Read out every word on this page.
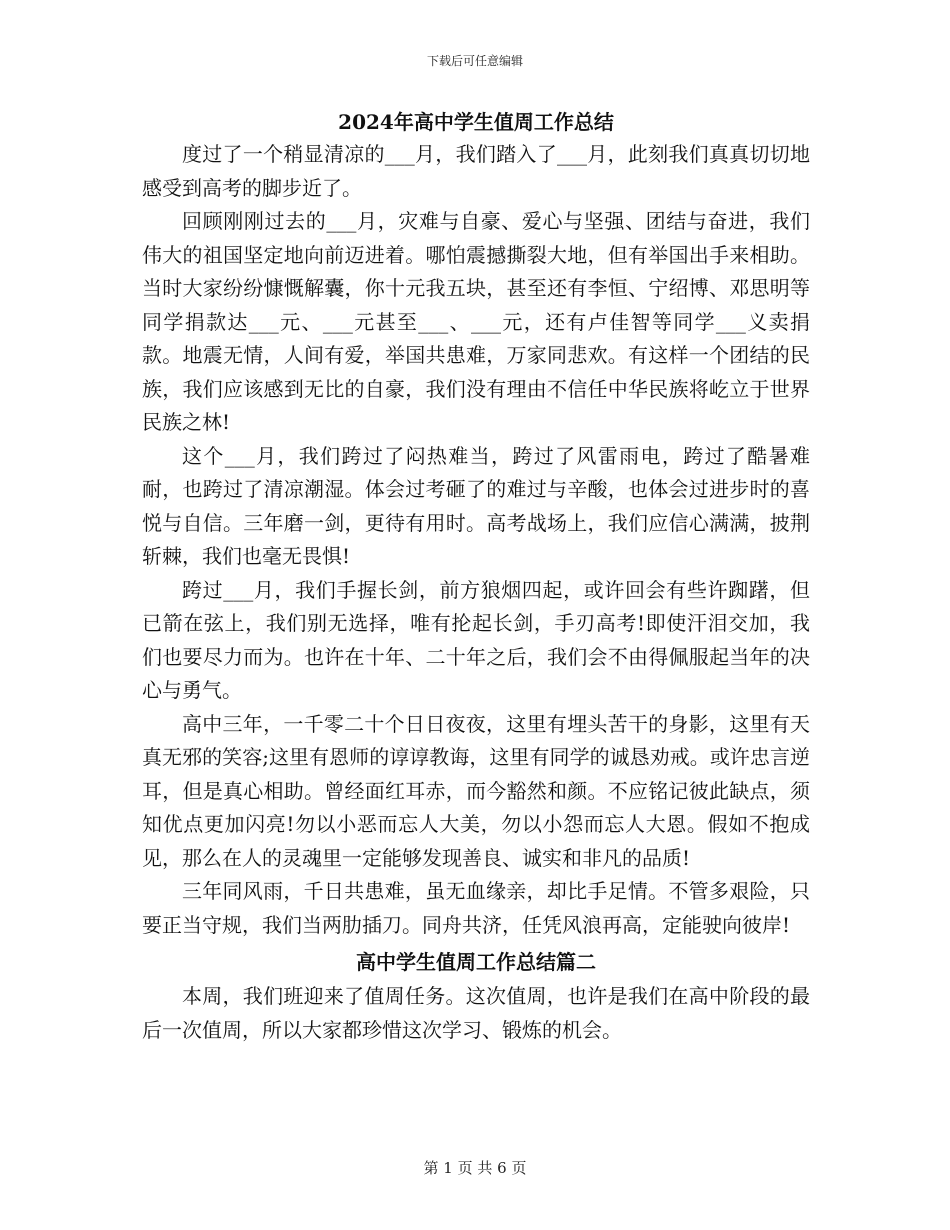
下载后可任意编辑
2024年高中学生值周工作总结

度过了一个稍显清凉的___月，我们踏入了___月，此刻我们真真切切地感受到高考的脚步近了。

回顾刚刚过去的___月，灾难与自豪、爱心与坚强、团结与奋进，我们伟大的祖国坚定地向前迈进着。哪怕震撼撕裂大地，但有举国出手来相助。当时大家纷纷慷慨解囊，你十元我五块，甚至还有李恒、宁绍博、邓思明等同学捐款达___元、___元甚至___、___元，还有卢佳智等同学___义卖捐款。地震无情，人间有爱，举国共患难，万家同悲欢。有这样一个团结的民族，我们应该感到无比的自豪，我们没有理由不信任中华民族将屹立于世界民族之林!

这个___月，我们跨过了闷热难当，跨过了风雷雨电，跨过了酷暑难耐，也跨过了清凉潮湿。体会过考砸了的难过与辛酸，也体会过进步时的喜悦与自信。三年磨一剑，更待有用时。高考战场上，我们应信心满满，披荆斩棘，我们也毫无畏惧!

跨过___月，我们手握长剑，前方狼烟四起，或许回会有些许踟躇，但已箭在弦上，我们别无选择，唯有抡起长剑，手刃高考!即使汗泪交加，我们也要尽力而为。也许在十年、二十年之后，我们会不由得佩服起当年的决心与勇气。

高中三年，一千零二十个日日夜夜，这里有埋头苦干的身影，这里有天真无邪的笑容;这里有恩师的谆谆教诲，这里有同学的诚恳劝戒。或许忠言逆耳，但是真心相助。曾经面红耳赤，而今豁然和颜。不应铭记彼此缺点，须知优点更加闪亮!勿以小恶而忘人大美，勿以小怨而忘人大恩。假如不抱成见，那么在人的灵魂里一定能够发现善良、诚实和非凡的品质!

三年同风雨，千日共患难，虽无血缘亲，却比手足情。不管多艰险，只要正当守规，我们当两肋插刀。同舟共济，任凭风浪再高，定能驶向彼岸!

高中学生值周工作总结篇二

本周，我们班迎来了值周任务。这次值周，也许是我们在高中阶段的最后一次值周，所以大家都珍惜这次学习、锻炼的机会。

第 1 页 共 6 页
